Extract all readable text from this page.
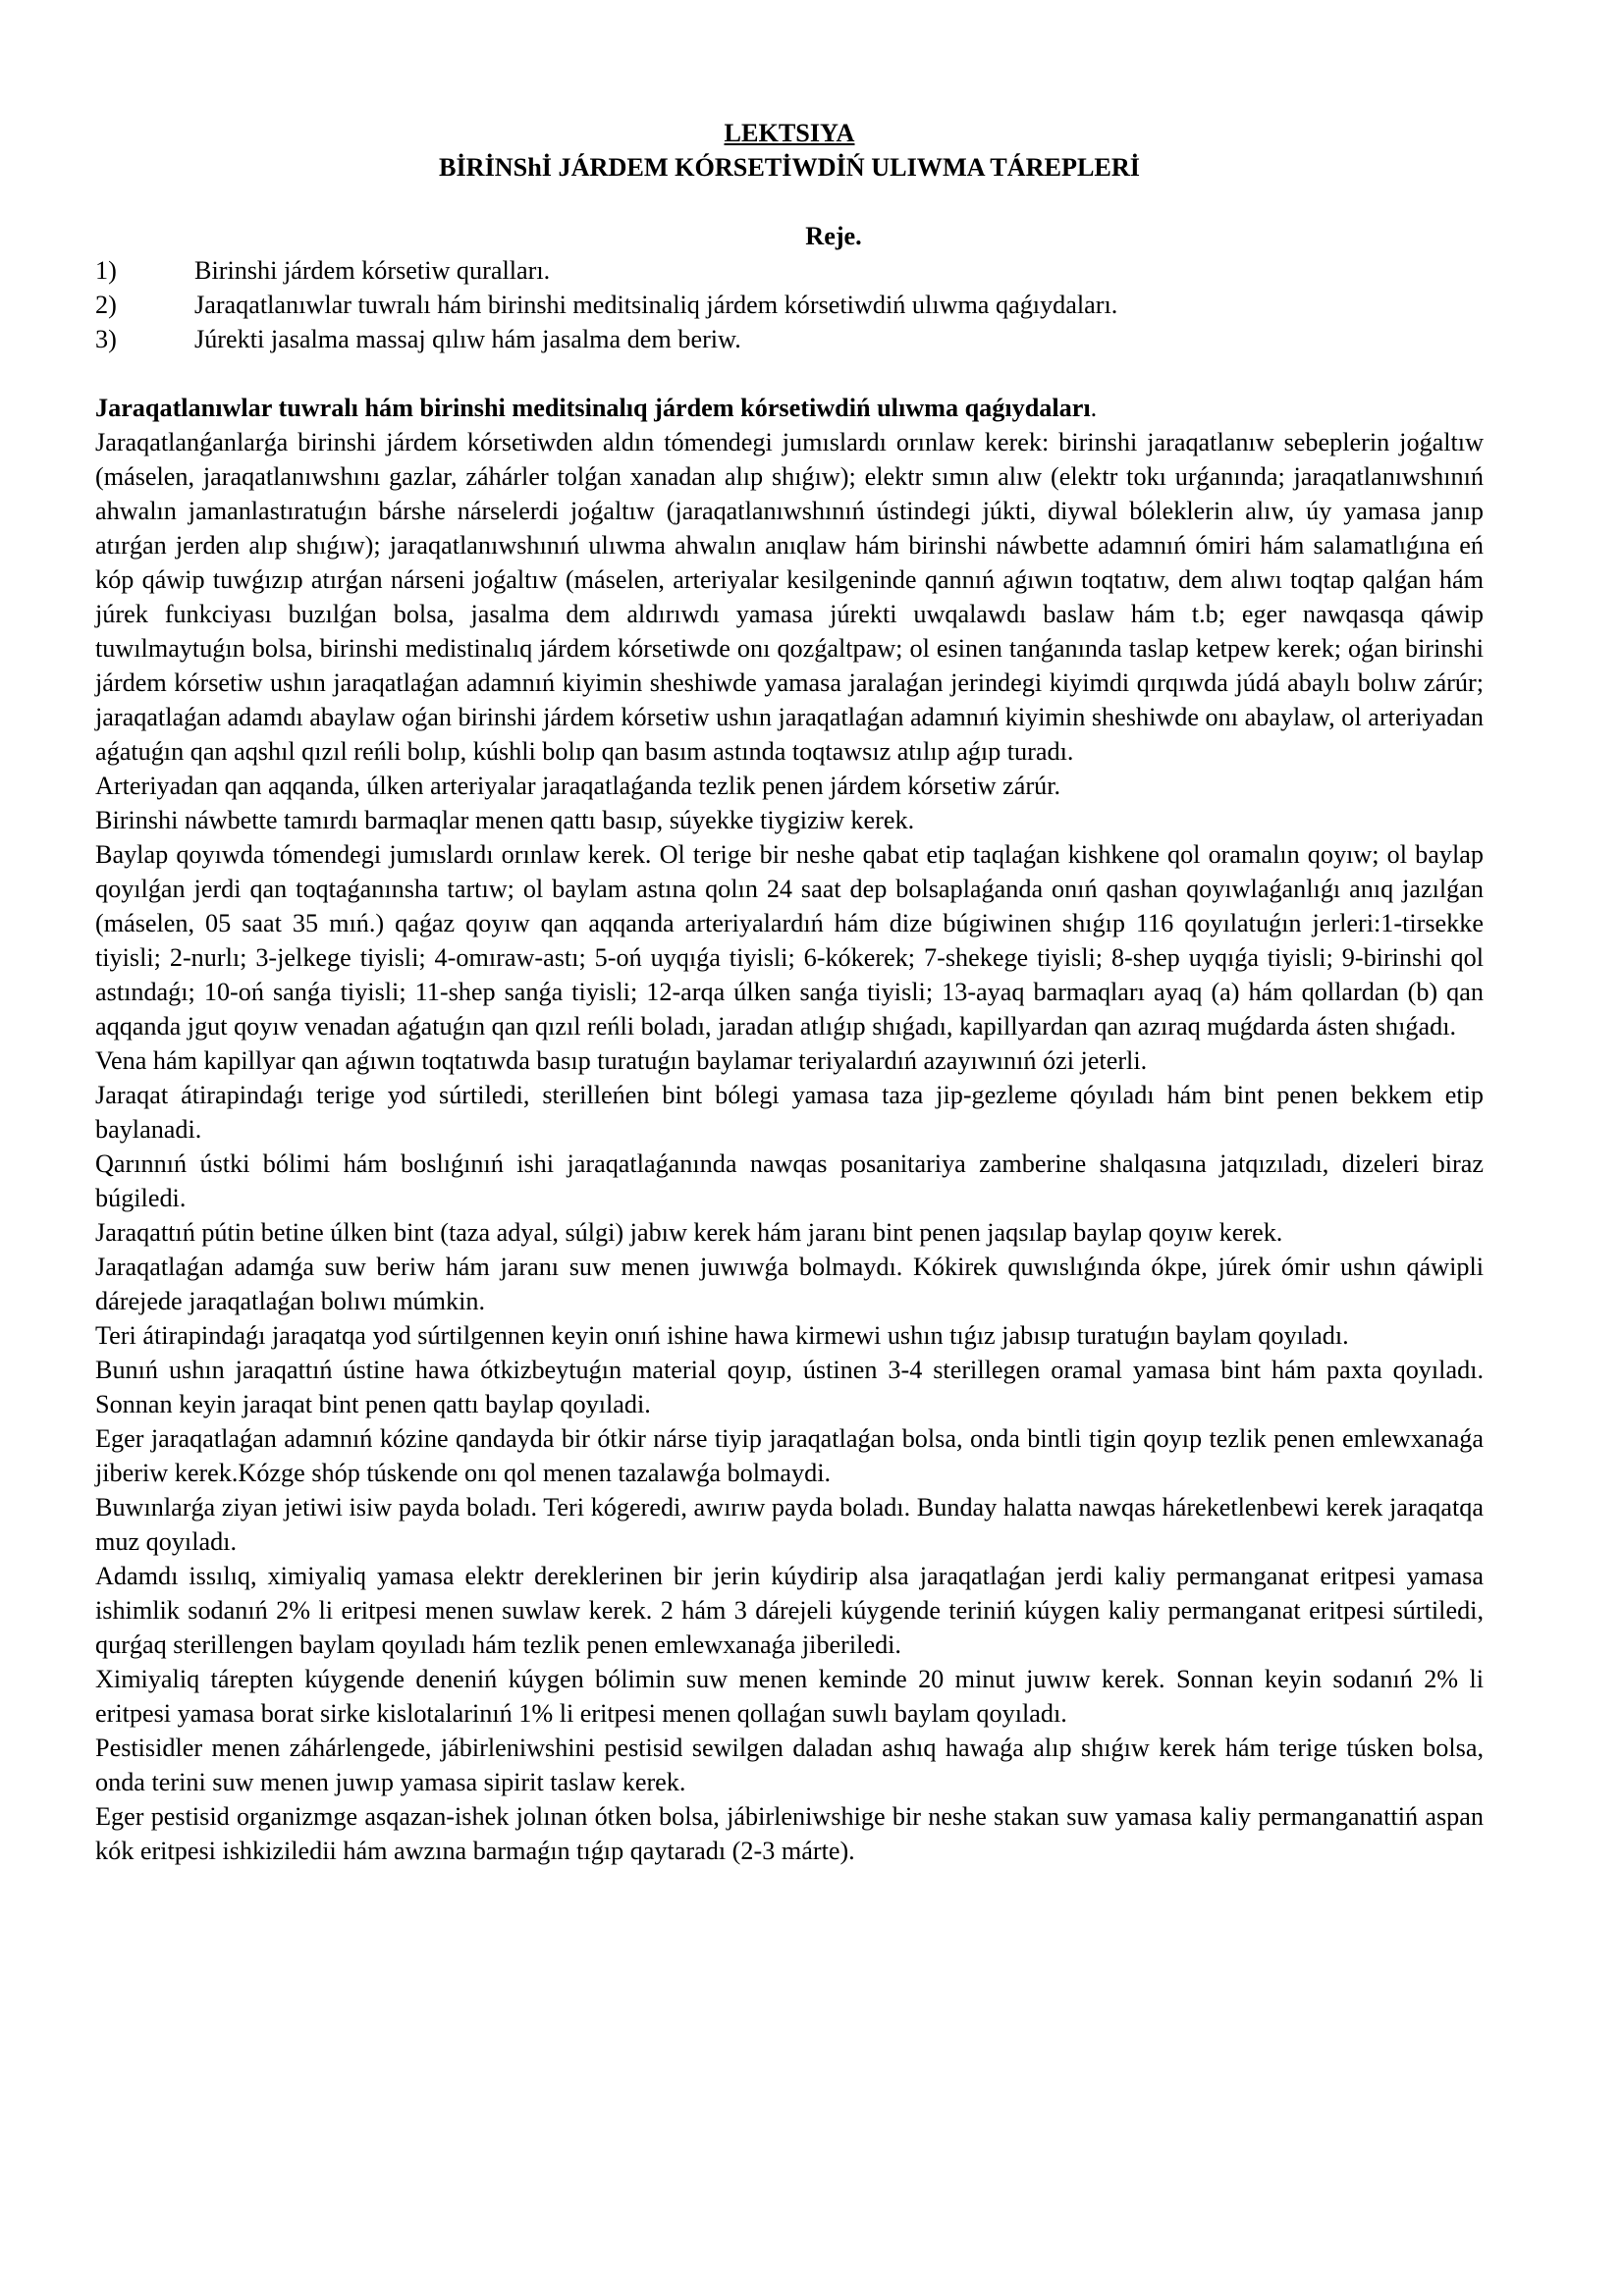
LEKTSIYA
BİRİNShİ JÁRDEM KÓRSETİWDİŃ ULIWMA TÁREPLERİ
Reje.
1)	Birinshi járdem kórsetiw quralları.
2)	Jaraqatlanıwlar tuwralı hám birinshi meditsinaliq járdem kórsetiwdiń ulıwma qaǵıydaları.
3)	Júrekti jasalma massaj qılıw hám jasalma dem beriw.
Jaraqatlanıwlar tuwralı hám birinshi meditsinalıq járdem kórsetiwdiń ulıwma qaǵıydaları.

Jaraqatlanǵanlarǵa birinshi járdem kórsetiwden aldın tómendegi jumıslardı orınlaw kerek: birinshi jaraqatlanıw sebeplerin joǵaltıw (máselen, jaraqatlanıwshını gazlar, záhárler tolǵan xanadan alıp shıǵıw); elektr sımın alıw (elektr tokı urǵanında; jaraqatlanıwshınıń ahwalın jamanlastıratuǵın bárshe nárselerdi joǵaltıw (jaraqatlanıwshınıń ústindegi júkti, diywal bóleklerin alıw, úy yamasa janıp atırǵan jerden alıp shıǵıw); jaraqatlanıwshınıń ulıwma ahwalın anıqlaw hám birinshi náwbette adamnıń ómiri hám salamatlıǵına eń kóp qáwip tuwǵızıp atırǵan nárseni joǵaltıw (máselen, arteriyalar kesilgeninde qannıń aǵıwın toqtatıw, dem alıwı toqtap qalǵan hám júrek funkciyası buzılǵan bolsa, jasalma dem aldırıwdı yamasa júrekti uwqalawdı baslaw hám t.b; eger nawqasqa qáwip tuwılmaytuǵın bolsa, birinshi medistinalıq járdem kórsetiwde onı qozǵaltpaw; ol esinen tanǵanında taslap ketpew kerek; oǵan birinshi járdem kórsetiw ushın jaraqatlaǵan adamnıń kiyimin sheshiwde yamasa jaralaǵan jerindegi kiyimdi qırqıwda júdá abaylı bolıw zárúr; jaraqatlaǵan adamdı abaylaw oǵan birinshi járdem kórsetiw ushın jaraqatlaǵan adamnıń kiyimin sheshiwde onı abaylaw, ol arteriyadan aǵatuǵın qan aqshıl qızıl reńli bolıp, kúshli bolıp qan basım astında toqtawsız atılıp aǵıp turadı.

Arteriyadan qan aqqanda, úlken arteriyalar jaraqatlaǵanda tezlik penen járdem kórsetiw zárúr.

Birinshi náwbette tamırdı barmaqlar menen qattı basıp, súyekke tiygiziw kerek.

Baylap qoyıwda tómendegi jumıslardı orınlaw kerek. Ol terige bir neshe qabat etip taqlaǵan kishkene qol oramalın qoyıw; ol baylap qoyılǵan jerdi qan toqtaǵanınsha tartıw; ol baylam astına qolın 24 saat dep bolsaplaǵanda onıń qashan qoyıwlaǵanlıǵı anıq jazılǵan (máselen, 05 saat 35 mıń.) qaǵaz qoyıw qan aqqanda arteriyalardıń hám dize búgiwinen shıǵıp 116 qoyılatuǵın jerleri:1-tirsekke tiyisli; 2-nurlı; 3-jelkege tiyisli; 4-omıraw-astı; 5-oń uyqıǵa tiyisli; 6-kókerek; 7-shekege tiyisli; 8-shep uyqıǵa tiyisli; 9-birinshi qol astındaǵı; 10-oń sanǵa tiyisli; 11-shep sanǵa tiyisli; 12-arqa úlken sanǵa tiyisli; 13-ayaq barmaqları ayaq (a) hám qollardan (b) qan aqqanda jgut qoyıw venadan aǵatuǵın qan qızıl reńli boladı, jaradan atlıǵıp shıǵadı, kapillyardan qan azıraq muǵdarda ásten shıǵadı.

Vena hám kapillyar qan aǵıwın toqtatıwda basıp turatuǵın baylamar teriyalardıń azayıwınıń ózi jeterli.

Jaraqat átirapindaǵı terige yod súrtiledi, sterilleńen bint bólegi yamasa taza jip-gezleme qóyıladı hám bint penen bekkem etip baylanadi.

Qarınnıń ústki bólimi hám boslıǵınıń ishi jaraqatlaǵanında nawqas posanitariya zamberine shalqasına jatqızıladı, dizeleri biraz búgiledi.

Jaraqattıń pútin betine úlken bint (taza adyal, súlgi) jabıw kerek hám jaranı bint penen jaqsılap baylap qoyıw kerek.

Jaraqatlaǵan adamǵa suw beriw hám jaranı suw menen juwıwǵa bolmaydı. Kókirek quwıslıǵında ókpe, júrek ómir ushın qáwipli dárejede jaraqatlaǵan bolıwı múmkin.

Teri átirapindaǵı jaraqatqa yod súrtilgennen keyin onıń ishine hawa kirmewi ushın tıǵız jabısıp turatuǵın baylam qoyıladı.

Bunıń ushın jaraqattıń ústine hawa ótkizbeytuǵın material qoyıp, ústinen 3-4 sterillegen oramal yamasa bint hám paxta qoyıladı. Sonnan keyin jaraqat bint penen qattı baylap qoyıladi.

Eger jaraqatlaǵan adamnıń kózine qandayda bir ótkir nárse tiyip jaraqatlaǵan bolsa, onda bintli tigin qoyıp tezlik penen emlewxanaǵa jiberiw kerek.Kózge shóp túskende onı qol menen tazalawǵa bolmaydi.

Buwınlarǵa ziyan jetiwi isiw payda boladı. Teri kógeredi, awırıw payda boladı. Bunday halatta nawqas háreketlenbewi kerek jaraqatqa muz qoyıladı.

Adamdı issılıq, ximiyaliq yamasa elektr dereklerinen bir jerin kúydirip alsa jaraqatlaǵan jerdi kaliy permanganat eritpesi yamasa ishimlik sodanıń 2% li eritpesi menen suwlaw kerek. 2 hám 3 dárejeli kúygende teriniń kúygen kaliy permanganat eritpesi súrtiledi, qurǵaq sterillengen baylam qoyıladı hám tezlik penen emlewxanaǵa jiberiledi.

Ximiyaliq tárepten kúygende deneniń kúygen bólimin suw menen keminde 20 minut juwıw kerek. Sonnan keyin sodanıń 2% li eritpesi yamasa borat sirke kislotalarinıń 1% li eritpesi menen qollaǵan suwlı baylam qoyıladı.

Pestisidler menen záhárlengede, jábirleniwshini pestisid sewilgen daladan ashıq hawaǵa alıp shıǵıw kerek hám terige túsken bolsa, onda terini suw menen juwıp yamasa sipirit taslaw kerek.

Eger pestisid organizmge asqazan-ishek jolınan ótken bolsa, jábirleniwshige bir neshe stakan suw yamasa kaliy permanganattiń aspan kók eritpesi ishkizilediі hám awzına barmaǵın tıǵıp qaytaradı (2-3 márte).
